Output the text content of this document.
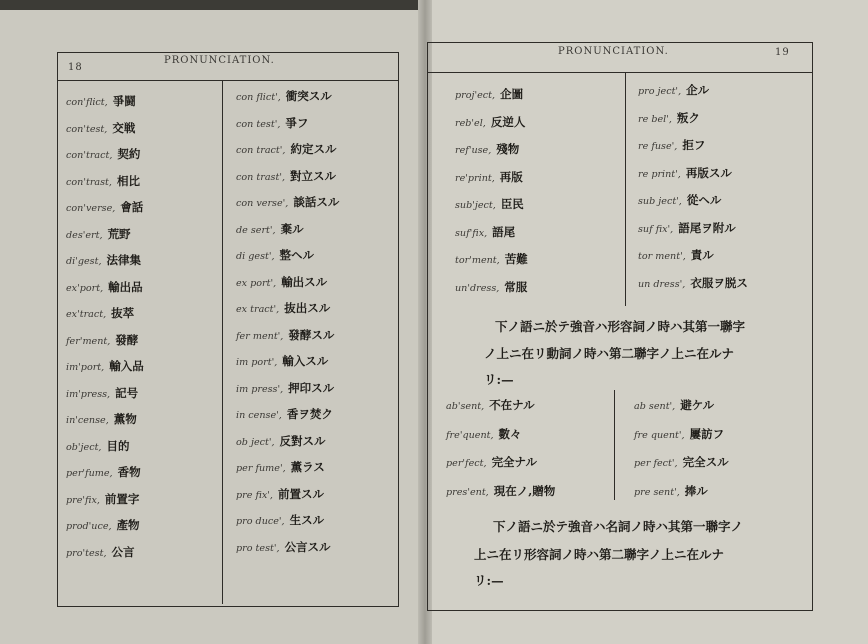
18
PRONUNCIATION.
con'flict, 爭闘
con'test, 交戦
con'tract, 契約
con'trast, 相比
con'verse, 會話
des'ert, 荒野
di'gest, 法律集
ex'port, 輸出品
ex'tract, 抜萃
fer'ment, 發酵
im'port, 輸入品
im'press, 記号
in'cense, 薫物
ob'ject, 目的
per'fume, 香物
pre'fix, 前置字
prod'uce, 產物
pro'test, 公言
con flict', 衝突スル
con test', 爭フ
con tract', 約定スル
con trast', 對立スル
con verse', 談話スル
de sert', 棄ル
di gest', 整ヘル
ex port', 輸出スル
ex tract', 抜出スル
fer ment', 發酵スル
im port', 輸入スル
im press', 押印スル
in cense', 香ヲ焚ク
ob ject', 反對スル
per fume', 薫ラス
pre fix', 前置スル
pro duce', 生スル
pro test', 公言スル
PRONUNCIATION.	19
proj'ect, 企圖
reb'el, 反逆人
ref'use, 殘物
re'print, 再版
sub'ject, 臣民
suf'fix, 語尾
tor'ment, 苦難
un'dress, 常服
pro ject', 企ル
re bel', 叛ク
re fuse', 拒フ
re print', 再版スル
sub ject', 從ヘル
suf fix', 語尾ヲ附ル
tor ment', 責ル
un dress', 衣服ヲ脱ス
ab'sent, 不在ナル
fre'quent, 數々
per'fect, 完全ナル
pres'ent, 現在ノ,贈物
ab sent', 避ケル
fre quent', 屢訪フ
per fect', 完全スル
pre sent', 捧ル
下ノ語ニ於テ強音ハ形容詞ノ時ハ其第一聯字
ノ上ニ在リ動詞ノ時ハ第二聯字ノ上ニ在ルナ
リ:—
下ノ語ニ於テ強音ハ名詞ノ時ハ其第一聯字ノ
上ニ在リ形容詞ノ時ハ第二聯字ノ上ニ在ルナ
リ:—
